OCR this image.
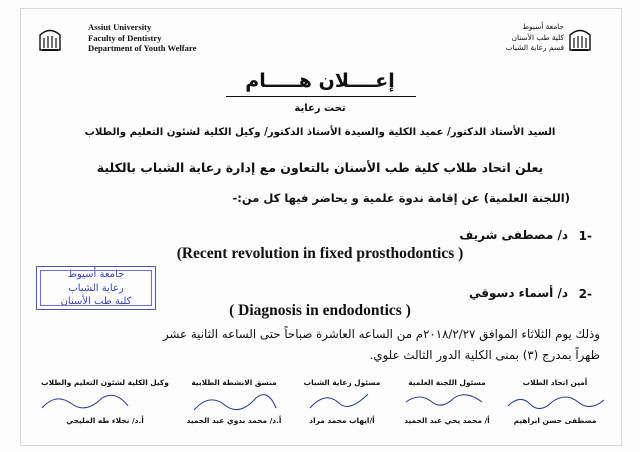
Assiut University
Faculty of Dentistry
Department of Youth Welfare
جامعة أسيوط
كلية طب الأسنان
قسم رعاية الشباب
إعــــلان هـــــام
تحت رعاية
السيد الأستاذ الدكتور/ عميد الكلية والسيدة الأستاذ الدكتور/ وكيل الكلية لشئون التعليم والطلاب
يعلن اتحاد طلاب كلية طب الأسنان بالتعاون مع إدارة رعاية الشباب بالكلية
(اللجنة العلمية) عن إقامة ندوة علمية و يحاضر فيها كل من:-
1-
د/ مصطفى شريف
(Recent revolution in fixed prosthodontics )
جامعة أسيوط
رعاية الشباب
كلية طب الأسنان
2-
د/ أسماء دسوقي
( Diagnosis in endodontics )
وذلك يوم الثلاثاء الموافق ٢٠١٨/٢/٢٧م من الساعه العاشرة صباحاً حتى الساعه الثانية عشر
ظهراً بمدرج (٣) بمنى الكلية الدور الثالث علوي.
أمين اتحاد الطلاب
مصطفى حسن ابراهيم
مسئول اللجنة العلمية
أ/ محمد يحي عبد الحميد
مسئول رعاية الشباب
أ/ايهاب محمد مراد
منسق الانشطة الطلابية
أ.د/ محمد بدوي عبد الحميد
وكيل الكلية لشئون التعليم والطلاب
أ.د/ نجلاء طه المليجي
